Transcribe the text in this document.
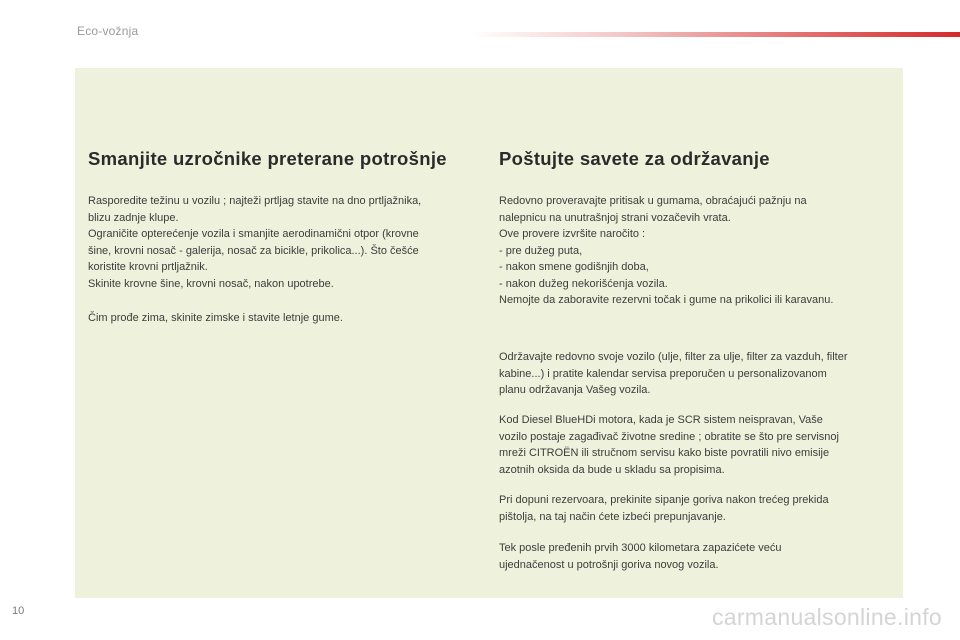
Eco-vožnja
Smanjite uzročnike preterane potrošnje

Rasporedite težinu u vozilu ; najteži prtljag stavite na dno prtljažnika,
blizu zadnje klupe.
Ograničite opterećenje vozila i smanjite aerodinamični otpor (krovne
šine, krovni nosač - galerija, nosač za bicikle, prikolica...). Što češće
koristite krovni prtljažnik.
Skinite krovne šine, krovni nosač, nakon upotrebe.

Čim prođe zima, skinite zimske i stavite letnje gume.

Poštujte savete za održavanje

Redovno proveravajte pritisak u gumama, obraćajući pažnju na
nalepnicu na unutrašnjoj strani vozačevih vrata.
Ove provere izvršite naročito :
- pre dužeg puta,
- nakon smene godišnjih doba,
- nakon dužeg nekorišćenja vozila.
Nemojte da zaboravite rezervni točak i gume na prikolici ili karavanu.

Održavajte redovno svoje vozilo (ulje, filter za ulje, filter za vazduh, filter
kabine...) i pratite kalendar servisa preporučen u personalizovanom
planu održavanja Vašeg vozila.

Kod Diesel BlueHDi motora, kada je SCR sistem neispravan, Vaše
vozilo postaje zagađivač životne sredine ; obratite se što pre servisnoj
mreži CITROËN ili stručnom servisu kako biste povratili nivo emisije
azotnih oksida da bude u skladu sa propisima.

Pri dopuni rezervoara, prekinite sipanje goriva nakon trećeg prekida
pištolja, na taj način ćete izbeći prepunjavanje.

Tek posle pređenih prvih 3000 kilometara zapazićete veću
ujednačenost u potrošnji goriva novog vozila.

10	carmanualsonline.info
